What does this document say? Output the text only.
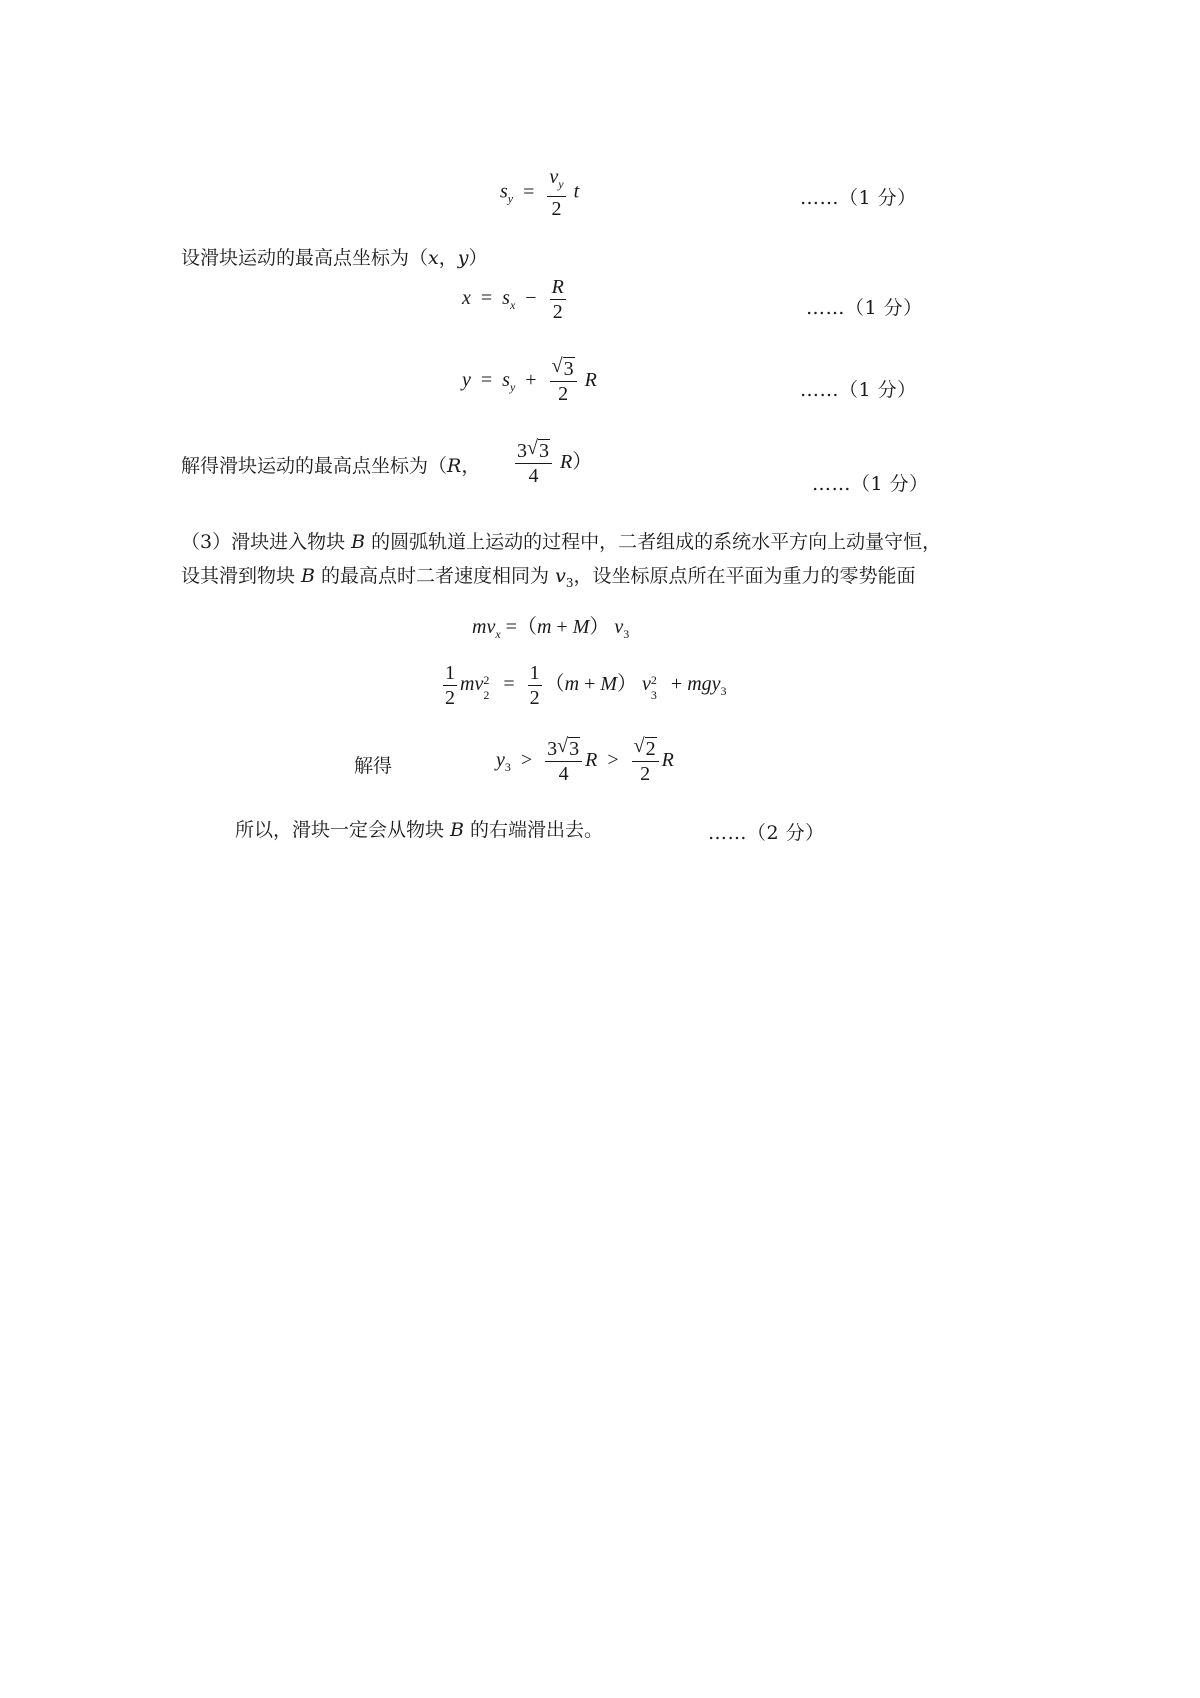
$s_y = \frac{v_y}{2}$ t	……（1 分）
设滑块运动的最高点坐标为（x，y）
$x = s_x - \frac{R}{2}$	……（1 分）
$y = s_y + \frac{√ 3}{2}$ R	……（1 分）
解得滑块运动的最高点坐标为（R， $\frac{3 √ 3}{4} R$）
……（1 分）
（3）滑块进入物块 B 的圆弧轨道上运动的过程中，二者组成的系统水平方向上动量守恒，
设其滑到物块 B 的最高点时二者速度相同为 $v_3$，设坐标原点所在平面为重力的零势能面
$mv_x =(m + M)$ $v_3$
$\frac{1}{2}$ mv 2
$2 = \frac{1}{2} (m + M)$ v 2
3 + mgy$_3$
解得	$y_3 > \frac{3 √ 3}{4}$ $R > \frac{√ 2}{2}$ R
所以，滑块一定会从物块 B 的右端滑出去。	……（2 分）
